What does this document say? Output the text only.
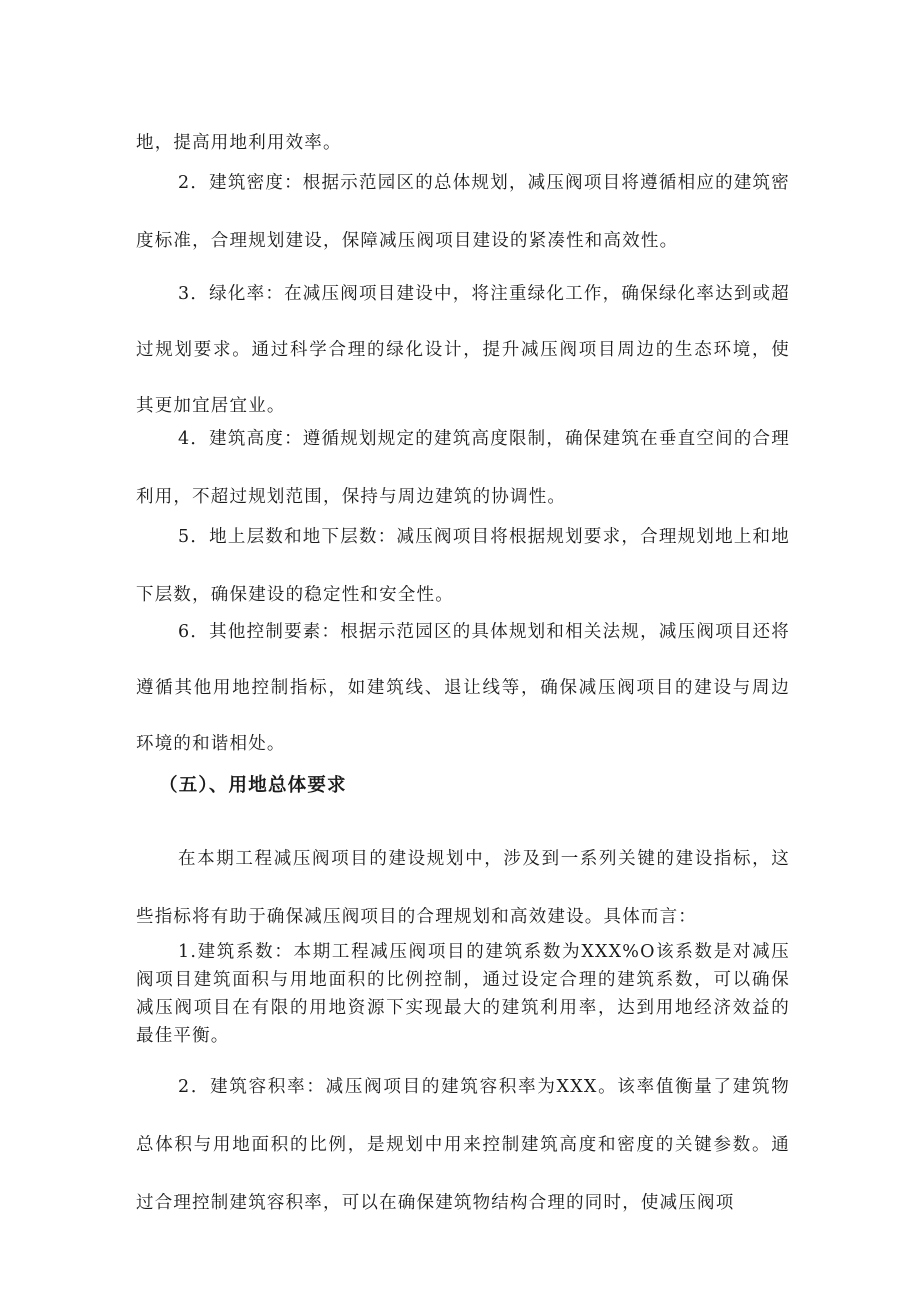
地，提高用地利用效率。

2．建筑密度：根据示范园区的总体规划，减压阀项目将遵循相应的建筑密度标准，合理规划建设，保障减压阀项目建设的紧凑性和高效性。

3．绿化率：在减压阀项目建设中，将注重绿化工作，确保绿化率达到或超过规划要求。通过科学合理的绿化设计，提升减压阀项目周边的生态环境，使其更加宜居宜业。

4．建筑高度：遵循规划规定的建筑高度限制，确保建筑在垂直空间的合理利用，不超过规划范围，保持与周边建筑的协调性。

5．地上层数和地下层数：减压阀项目将根据规划要求，合理规划地上和地下层数，确保建设的稳定性和安全性。

6．其他控制要素：根据示范园区的具体规划和相关法规，减压阀项目还将遵循其他用地控制指标，如建筑线、退让线等，确保减压阀项目的建设与周边环境的和谐相处。

（五）、用地总体要求

在本期工程减压阀项目的建设规划中，涉及到一系列关键的建设指标，这些指标将有助于确保减压阀项目的合理规划和高效建设。具体而言：

1.建筑系数：本期工程减压阀项目的建筑系数为XXX%O该系数是对减压阀项目建筑面积与用地面积的比例控制，通过设定合理的建筑系数，可以确保减压阀项目在有限的用地资源下实现最大的建筑利用率，达到用地经济效益的最佳平衡。

2．建筑容积率：减压阀项目的建筑容积率为XXX。该率值衡量了建筑物总体积与用地面积的比例，是规划中用来控制建筑高度和密度的关键参数。通过合理控制建筑容积率，可以在确保建筑物结构合理的同时，使减压阀项
